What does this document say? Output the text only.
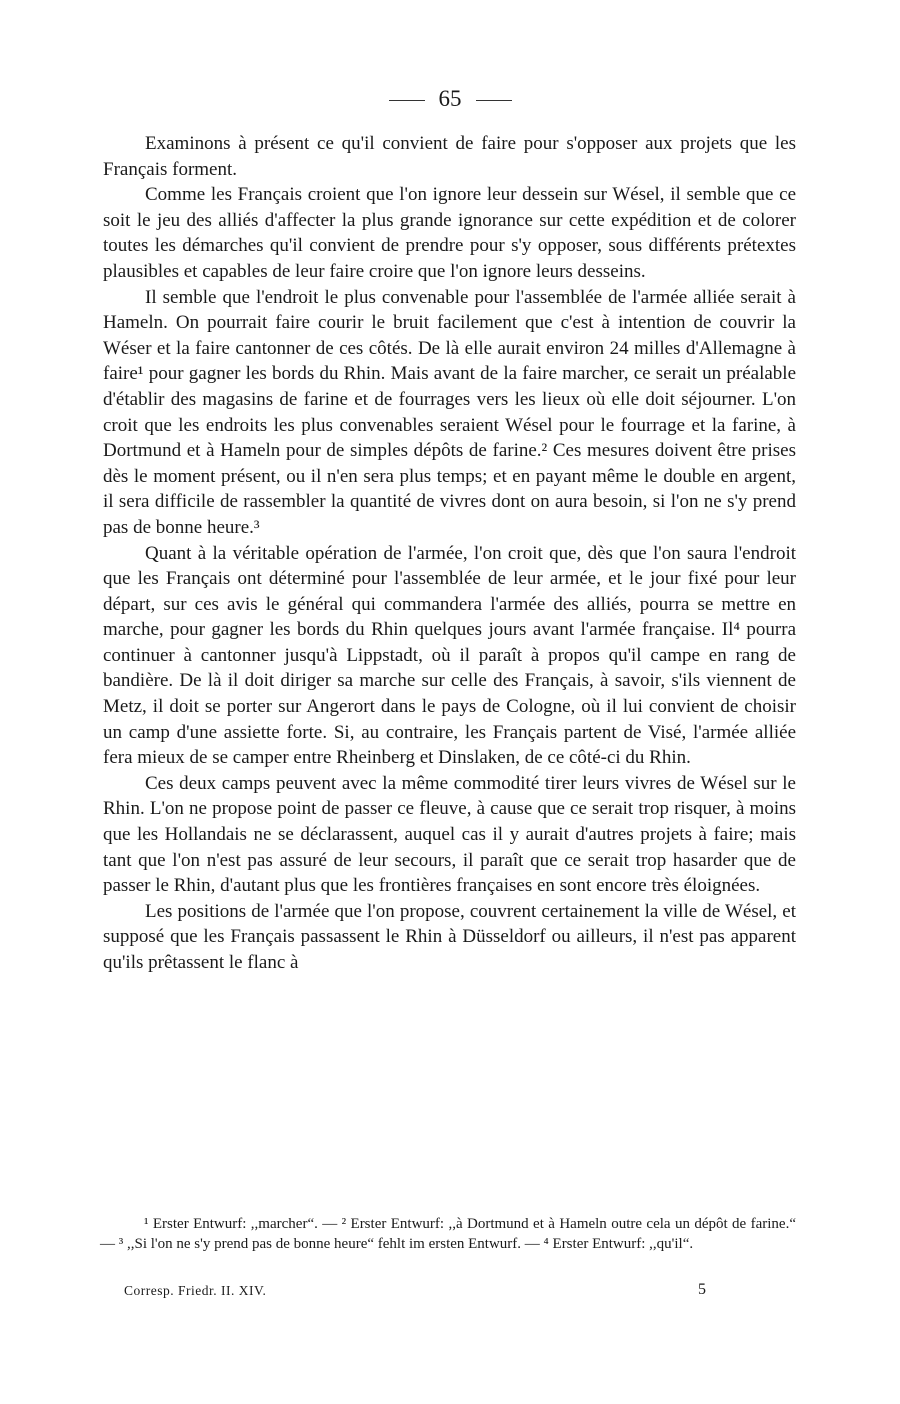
65

Examinons à présent ce qu'il convient de faire pour s'opposer aux projets que les Français forment.

Comme les Français croient que l'on ignore leur dessein sur Wésel, il semble que ce soit le jeu des alliés d'affecter la plus grande ignorance sur cette expédition et de colorer toutes les démarches qu'il convient de prendre pour s'y opposer, sous différents prétextes plausibles et capables de leur faire croire que l'on ignore leurs desseins.

Il semble que l'endroit le plus convenable pour l'assemblée de l'armée alliée serait à Hameln. On pourrait faire courir le bruit facilement que c'est à intention de couvrir la Wéser et la faire cantonner de ces côtés. De là elle aurait environ 24 milles d'Allemagne à faire¹ pour gagner les bords du Rhin. Mais avant de la faire marcher, ce serait un préalable d'établir des magasins de farine et de fourrages vers les lieux où elle doit séjourner. L'on croit que les endroits les plus convenables seraient Wésel pour le fourrage et la farine, à Dortmund et à Hameln pour de simples dépôts de farine.² Ces mesures doivent être prises dès le moment présent, ou il n'en sera plus temps; et en payant même le double en argent, il sera difficile de rassembler la quantité de vivres dont on aura besoin, si l'on ne s'y prend pas de bonne heure.³

Quant à la véritable opération de l'armée, l'on croit que, dès que l'on saura l'endroit que les Français ont déterminé pour l'assemblée de leur armée, et le jour fixé pour leur départ, sur ces avis le général qui commandera l'armée des alliés, pourra se mettre en marche, pour gagner les bords du Rhin quelques jours avant l'armée française. Il⁴ pourra continuer à cantonner jusqu'à Lippstadt, où il paraît à propos qu'il campe en rang de bandière. De là il doit diriger sa marche sur celle des Français, à savoir, s'ils viennent de Metz, il doit se porter sur Angerort dans le pays de Cologne, où il lui convient de choisir un camp d'une assiette forte. Si, au contraire, les Français partent de Visé, l'armée alliée fera mieux de se camper entre Rheinberg et Dinslaken, de ce côté-ci du Rhin.

Ces deux camps peuvent avec la même commodité tirer leurs vivres de Wésel sur le Rhin. L'on ne propose point de passer ce fleuve, à cause que ce serait trop risquer, à moins que les Hollandais ne se déclarassent, auquel cas il y aurait d'autres projets à faire; mais tant que l'on n'est pas assuré de leur secours, il paraît que ce serait trop hasarder que de passer le Rhin, d'autant plus que les frontières françaises en sont encore très éloignées.

Les positions de l'armée que l'on propose, couvrent certainement la ville de Wésel, et supposé que les Français passassent le Rhin à Düsseldorf ou ailleurs, il n'est pas apparent qu'ils prêtassent le flanc à

¹ Erster Entwurf: ,,marcher“. — ² Erster Entwurf: ,,à Dortmund et à Hameln outre cela un dépôt de farine.“ — ³ ,,Si l'on ne s'y prend pas de bonne heure“ fehlt im ersten Entwurf. — ⁴ Erster Entwurf: ,,qu'il“.

Corresp. Friedr. II. XIV.	5
